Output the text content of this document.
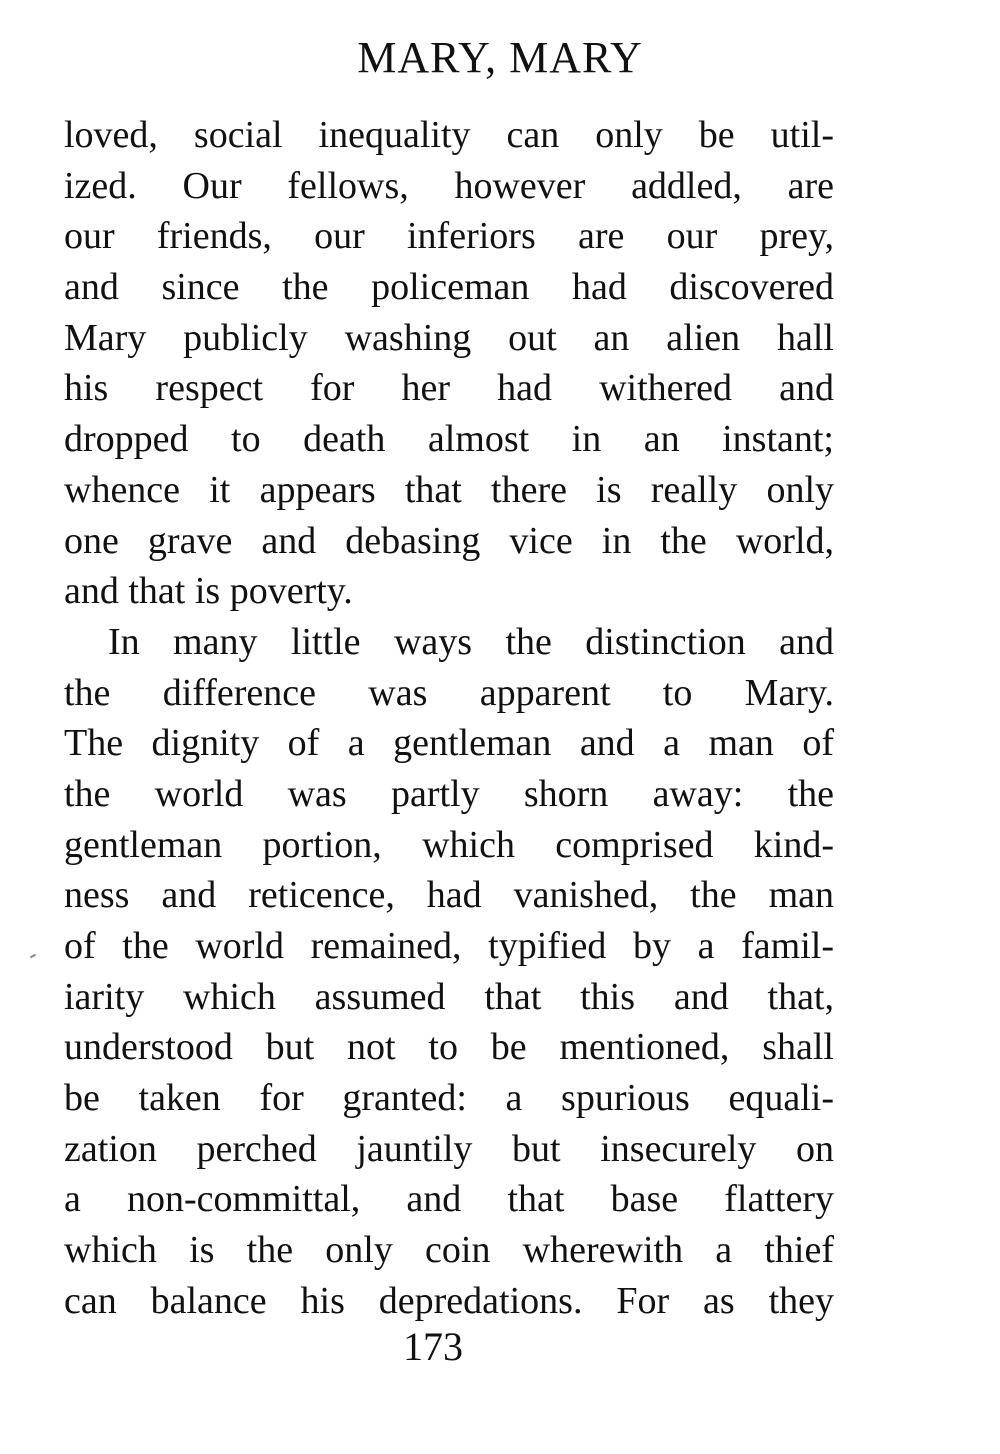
MARY, MARY
loved, social inequality can only be util-
ized. Our fellows, however addled, are
our friends, our inferiors are our prey,
and since the policeman had discovered
Mary publicly washing out an alien hall
his respect for her had withered and
dropped to death almost in an instant;
whence it appears that there is really only
one grave and debasing vice in the world,
and that is poverty.
In many little ways the distinction and
the difference was apparent to Mary.
The dignity of a gentleman and a man of
the world was partly shorn away: the
gentleman portion, which comprised kind-
ness and reticence, had vanished, the man
of the world remained, typified by a famil-
iarity which assumed that this and that,
understood but not to be mentioned, shall
be taken for granted: a spurious equali-
zation perched jauntily but insecurely on
a non-committal, and that base flattery
which is the only coin wherewith a thief
can balance his depredations. For as they
173
